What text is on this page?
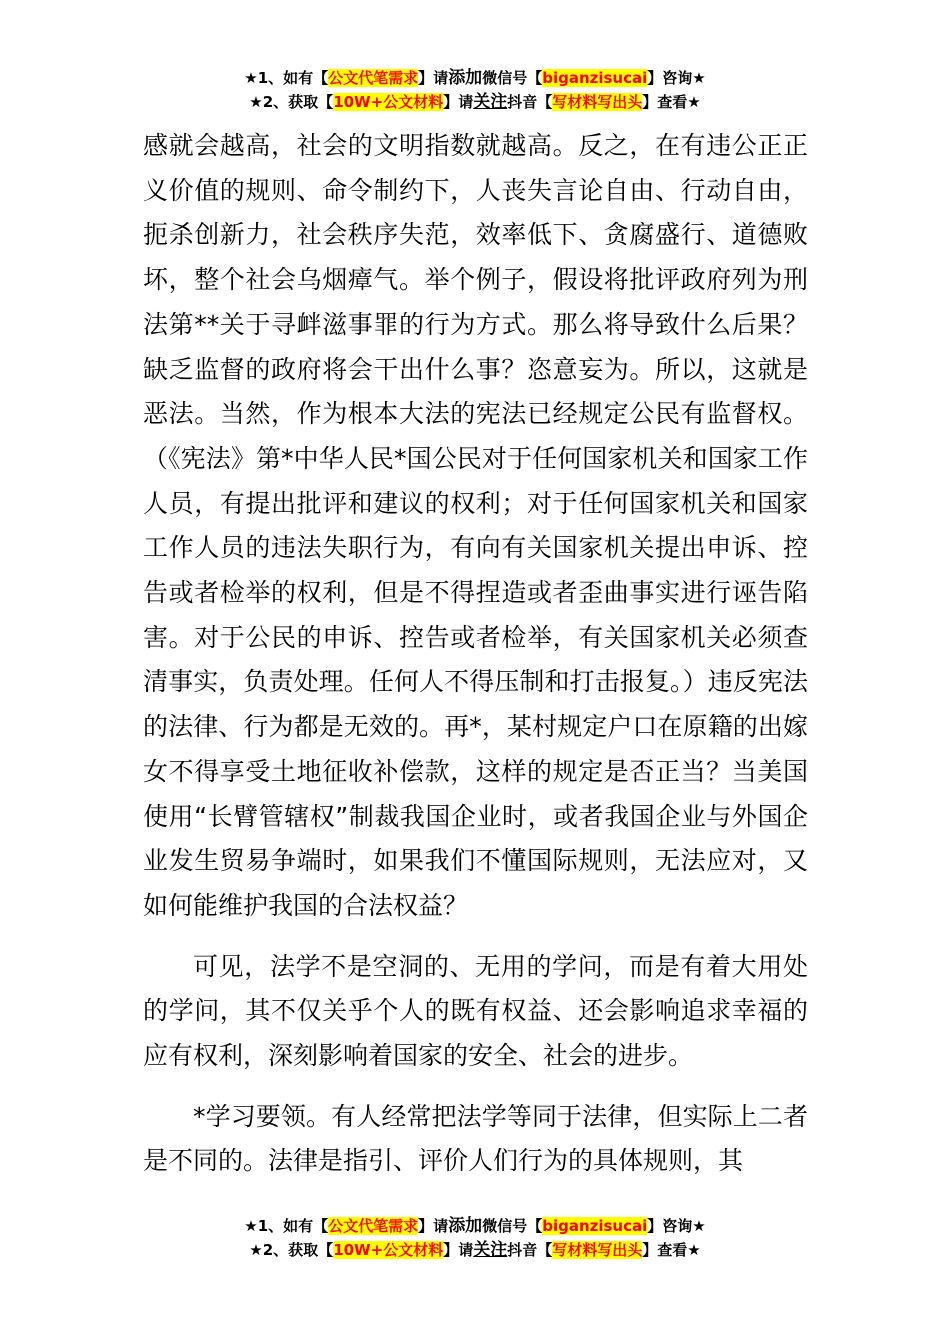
★1、如有【公文代笔需求】请添加微信号【biganzisucai】咨询★
★2、获取【10W+公文材料】请关注抖音【写材料写出头】查看★

感就会越高，社会的文明指数就越高。反之，在有违公正正义价值的规则、命令制约下，人丧失言论自由、行动自由，扼杀创新力，社会秩序失范，效率低下、贪腐盛行、道德败坏，整个社会乌烟瘴气。举个例子，假设将批评政府列为刑法第**关于寻衅滋事罪的行为方式。那么将导致什么后果？缺乏监督的政府将会干出什么事？恣意妄为。所以，这就是恶法。当然，作为根本大法的宪法已经规定公民有监督权。（《宪法》第*中华人民*国公民对于任何国家机关和国家工作人员，有提出批评和建议的权利；对于任何国家机关和国家工作人员的违法失职行为，有向有关国家机关提出申诉、控告或者检举的权利，但是不得捏造或者歪曲事实进行诬告陷害。对于公民的申诉、控告或者检举，有关国家机关必须查清事实，负责处理。任何人不得压制和打击报复。）违反宪法的法律、行为都是无效的。再*，某村规定户口在原籍的出嫁女不得享受土地征收补偿款，这样的规定是否正当？当美国使用“长臂管辖权”制裁我国企业时，或者我国企业与外国企业发生贸易争端时，如果我们不懂国际规则，无法应对，又如何能维护我国的合法权益？

可见，法学不是空洞的、无用的学问，而是有着大用处的学问，其不仅关乎个人的既有权益、还会影响追求幸福的应有权利，深刻影响着国家的安全、社会的进步。

*学习要领。有人经常把法学等同于法律，但实际上二者是不同的。法律是指引、评价人们行为的具体规则，其

★1、如有【公文代笔需求】请添加微信号【biganzisucai】咨询★
★2、获取【10W+公文材料】请关注抖音【写材料写出头】查看★
